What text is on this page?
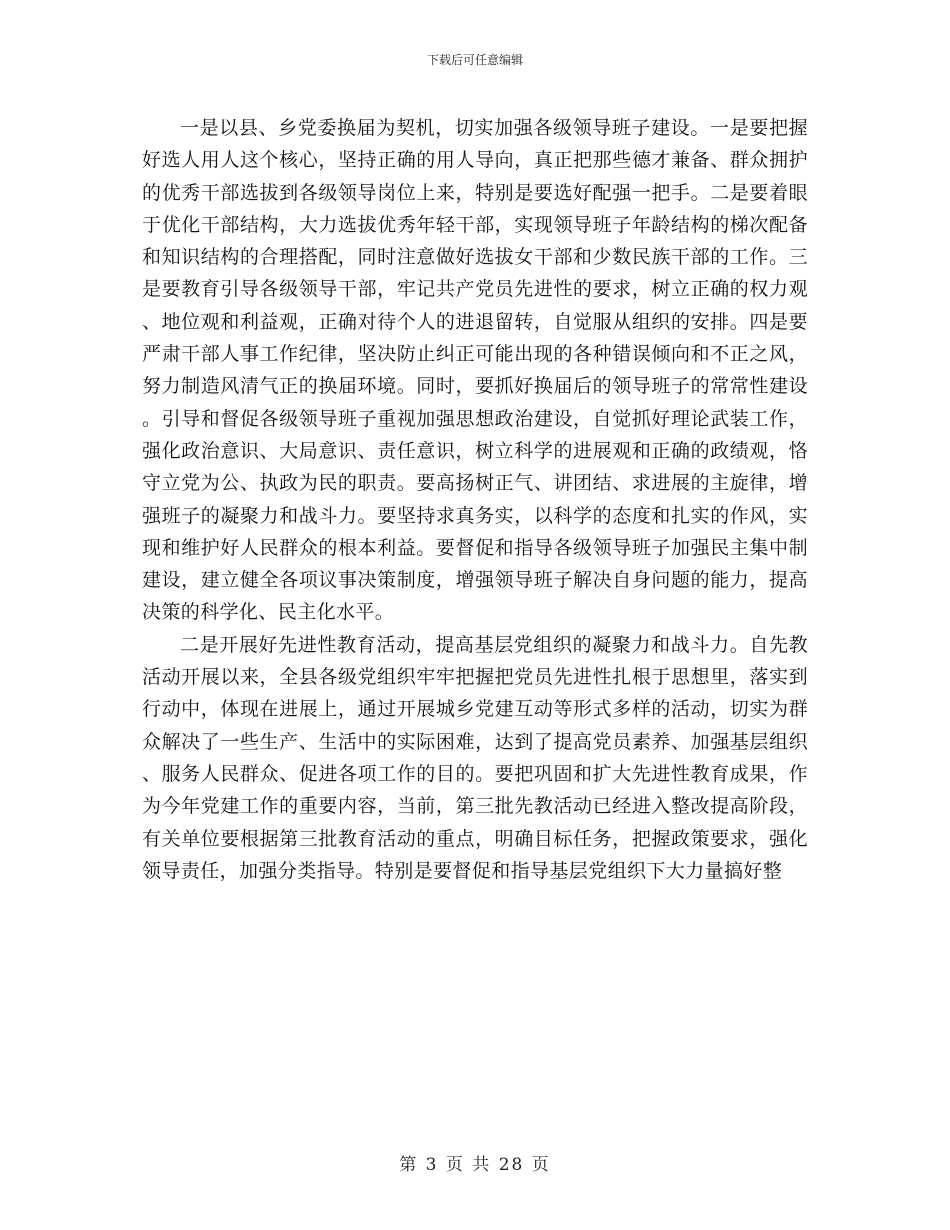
下载后可任意编辑

一是以县、乡党委换届为契机，切实加强各级领导班子建设。一是要把握好选人用人这个核心，坚持正确的用人导向，真正把那些德才兼备、群众拥护的优秀干部选拔到各级领导岗位上来，特别是要选好配强一把手。二是要着眼于优化干部结构，大力选拔优秀年轻干部，实现领导班子年龄结构的梯次配备和知识结构的合理搭配，同时注意做好选拔女干部和少数民族干部的工作。三是要教育引导各级领导干部，牢记共产党员先进性的要求，树立正确的权力观、地位观和利益观，正确对待个人的进退留转，自觉服从组织的安排。四是要严肃干部人事工作纪律，坚决防止纠正可能出现的各种错误倾向和不正之风，努力制造风清气正的换届环境。同时，要抓好换届后的领导班子的常常性建设。引导和督促各级领导班子重视加强思想政治建设，自觉抓好理论武装工作，强化政治意识、大局意识、责任意识，树立科学的进展观和正确的政绩观，恪守立党为公、执政为民的职责。要高扬树正气、讲团结、求进展的主旋律，增强班子的凝聚力和战斗力。要坚持求真务实，以科学的态度和扎实的作风，实现和维护好人民群众的根本利益。要督促和指导各级领导班子加强民主集中制建设，建立健全各项议事决策制度，增强领导班子解决自身问题的能力，提高决策的科学化、民主化水平。

二是开展好先进性教育活动，提高基层党组织的凝聚力和战斗力。自先教活动开展以来，全县各级党组织牢牢把握把党员先进性扎根于思想里，落实到行动中，体现在进展上，通过开展城乡党建互动等形式多样的活动，切实为群众解决了一些生产、生活中的实际困难，达到了提高党员素养、加强基层组织、服务人民群众、促进各项工作的目的。要把巩固和扩大先进性教育成果，作为今年党建工作的重要内容，当前，第三批先教活动已经进入整改提高阶段，有关单位要根据第三批教育活动的重点，明确目标任务，把握政策要求，强化领导责任，加强分类指导。特别是要督促和指导基层党组织下大力量搞好整

第 3 页 共 28 页
